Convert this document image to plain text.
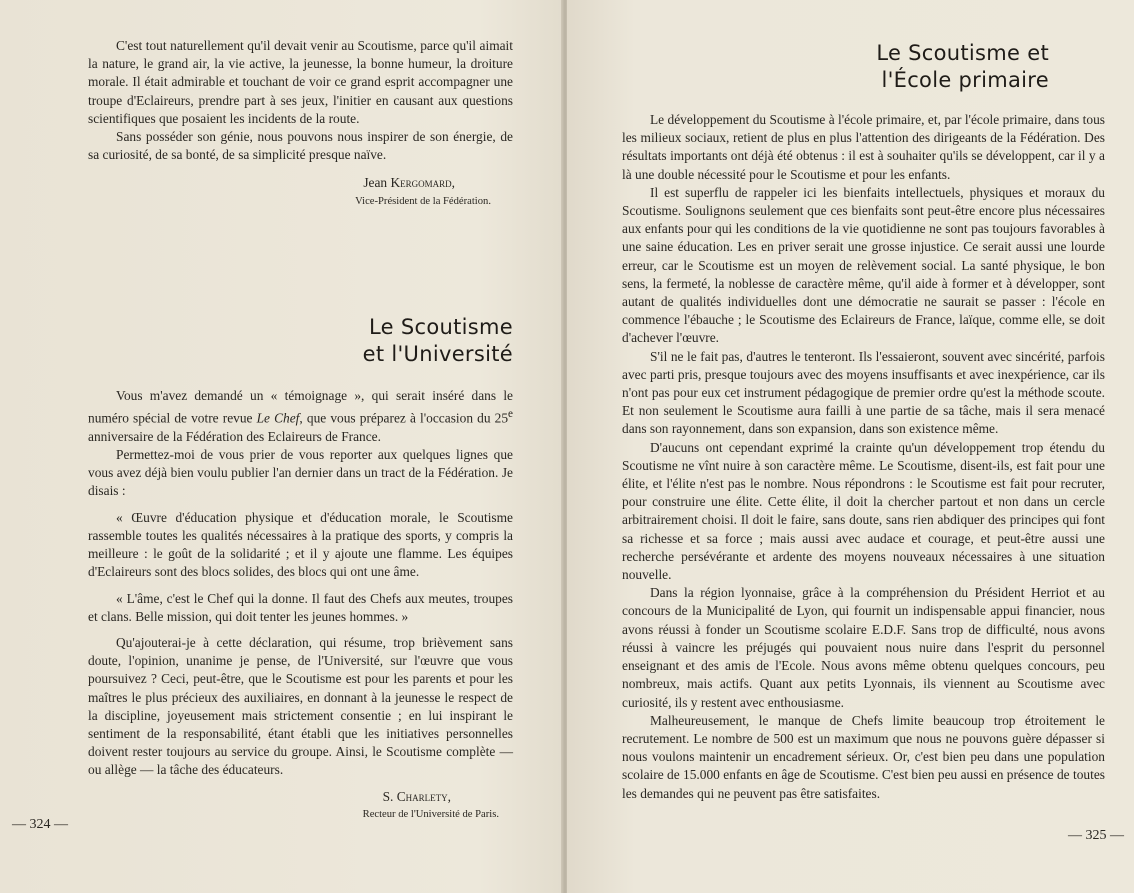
C'est tout naturellement qu'il devait venir au Scoutisme, parce qu'il aimait la nature, le grand air, la vie active, la jeunesse, la bonne humeur, la droiture morale. Il était admirable et touchant de voir ce grand esprit accompagner une troupe d'Eclaireurs, prendre part à ses jeux, l'initier en causant aux questions scientifiques que posaient les incidents de la route.

Sans posséder son génie, nous pouvons nous inspirer de son énergie, de sa curiosité, de sa bonté, de sa simplicité presque naïve.

Jean Kergomard,

Vice-Président de la Fédération.

Le Scoutisme
et l'Université

Vous m'avez demandé un « témoignage », qui serait inséré dans le numéro spécial de votre revue Le Chef, que vous préparez à l'occasion du 25e anniversaire de la Fédération des Eclaireurs de France.

Permettez-moi de vous prier de vous reporter aux quelques lignes que vous avez déjà bien voulu publier l'an dernier dans un tract de la Fédération. Je disais :

« Œuvre d'éducation physique et d'éducation morale, le Scoutisme rassemble toutes les qualités nécessaires à la pratique des sports, y compris la meilleure : le goût de la solidarité ; et il y ajoute une flamme. Les équipes d'Eclaireurs sont des blocs solides, des blocs qui ont une âme.

« L'âme, c'est le Chef qui la donne. Il faut des Chefs aux meutes, troupes et clans. Belle mission, qui doit tenter les jeunes hommes. »

Qu'ajouterai-je à cette déclaration, qui résume, trop brièvement sans doute, l'opinion, unanime je pense, de l'Université, sur l'œuvre que vous poursuivez ? Ceci, peut-être, que le Scoutisme est pour les parents et pour les maîtres le plus précieux des auxiliaires, en donnant à la jeunesse le respect de la discipline, joyeusement mais strictement consentie ; en lui inspirant le sentiment de la responsabilité, étant établi que les initiatives personnelles doivent rester toujours au service du groupe. Ainsi, le Scoutisme complète — ou allège — la tâche des éducateurs.

S. Charlety,

Recteur de l'Université de Paris.

— 324 —
Le Scoutisme et
l'École primaire

Le développement du Scoutisme à l'école primaire, et, par l'école primaire, dans tous les milieux sociaux, retient de plus en plus l'attention des dirigeants de la Fédération. Des résultats importants ont déjà été obtenus : il est à souhaiter qu'ils se développent, car il y a là une double nécessité pour le Scoutisme et pour les enfants.

Il est superflu de rappeler ici les bienfaits intellectuels, physiques et moraux du Scoutisme. Soulignons seulement que ces bienfaits sont peut-être encore plus nécessaires aux enfants pour qui les conditions de la vie quotidienne ne sont pas toujours favorables à une saine éducation. Les en priver serait une grosse injustice. Ce serait aussi une lourde erreur, car le Scoutisme est un moyen de relèvement social. La santé physique, le bon sens, la fermeté, la noblesse de caractère même, qu'il aide à former et à développer, sont autant de qualités individuelles dont une démocratie ne saurait se passer : l'école en commence l'ébauche ; le Scoutisme des Eclaireurs de France, laïque, comme elle, se doit d'achever l'œuvre.

S'il ne le fait pas, d'autres le tenteront. Ils l'essaieront, souvent avec sincérité, parfois avec parti pris, presque toujours avec des moyens insuffisants et avec inexpérience, car ils n'ont pas pour eux cet instrument pédagogique de premier ordre qu'est la méthode scoute. Et non seulement le Scoutisme aura failli à une partie de sa tâche, mais il sera menacé dans son rayonnement, dans son expansion, dans son existence même.

D'aucuns ont cependant exprimé la crainte qu'un développement trop étendu du Scoutisme ne vînt nuire à son caractère même. Le Scoutisme, disent-ils, est fait pour une élite, et l'élite n'est pas le nombre. Nous répondrons : le Scoutisme est fait pour recruter, pour construire une élite. Cette élite, il doit la chercher partout et non dans un cercle arbitrairement choisi. Il doit le faire, sans doute, sans rien abdiquer des principes qui font sa richesse et sa force ; mais aussi avec audace et courage, et peut-être aussi une recherche persévérante et ardente des moyens nouveaux nécessaires à une situation nouvelle.

Dans la région lyonnaise, grâce à la compréhension du Président Herriot et au concours de la Municipalité de Lyon, qui fournit un indispensable appui financier, nous avons réussi à fonder un Scoutisme scolaire E.D.F. Sans trop de difficulté, nous avons réussi à vaincre les préjugés qui pouvaient nous nuire dans l'esprit du personnel enseignant et des amis de l'Ecole. Nous avons même obtenu quelques concours, peu nombreux, mais actifs. Quant aux petits Lyonnais, ils viennent au Scoutisme avec curiosité, ils y restent avec enthousiasme.

Malheureusement, le manque de Chefs limite beaucoup trop étroitement le recrutement. Le nombre de 500 est un maximum que nous ne pouvons guère dépasser si nous voulons maintenir un encadrement sérieux. Or, c'est bien peu dans une population scolaire de 15.000 enfants en âge de Scoutisme. C'est bien peu aussi en présence de toutes les demandes qui ne peuvent pas être satisfaites.

— 325 —
